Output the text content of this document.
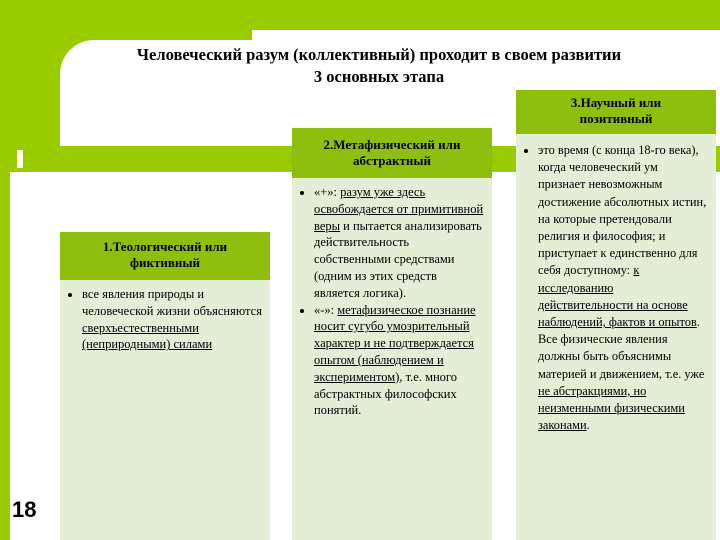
Человеческий разум (коллективный) проходит в своем развитии
3 основных этапа
1.Теологический или
фиктивный
• все явления природы и человеческой жизни объясняются сверхъестественными (неприродными) силами
2.Метафизический или
абстрактный
• «+»: разум уже здесь освобождается от примитивной веры и пытается анализировать действительность собственными средствами (одним из этих средств является логика).
• «-»: метафизическое познание носит сугубо умозрительный характер и не подтверждается опытом (наблюдением и экспериментом), т.е. много абстрактных философских понятий.
3.Научный или
позитивный
• это время (с конца 18-го века), когда человеческий ум признает невозможным достижение абсолютных истин, на которые претендовали религия и философия; и приступает к единственно для себя доступному: к исследованию действительности на основе наблюдений, фактов и опытов. Все физические явления должны быть объяснимы материей и движением, т.е. уже не абстракциями, но неизменными физическими законами.
18
